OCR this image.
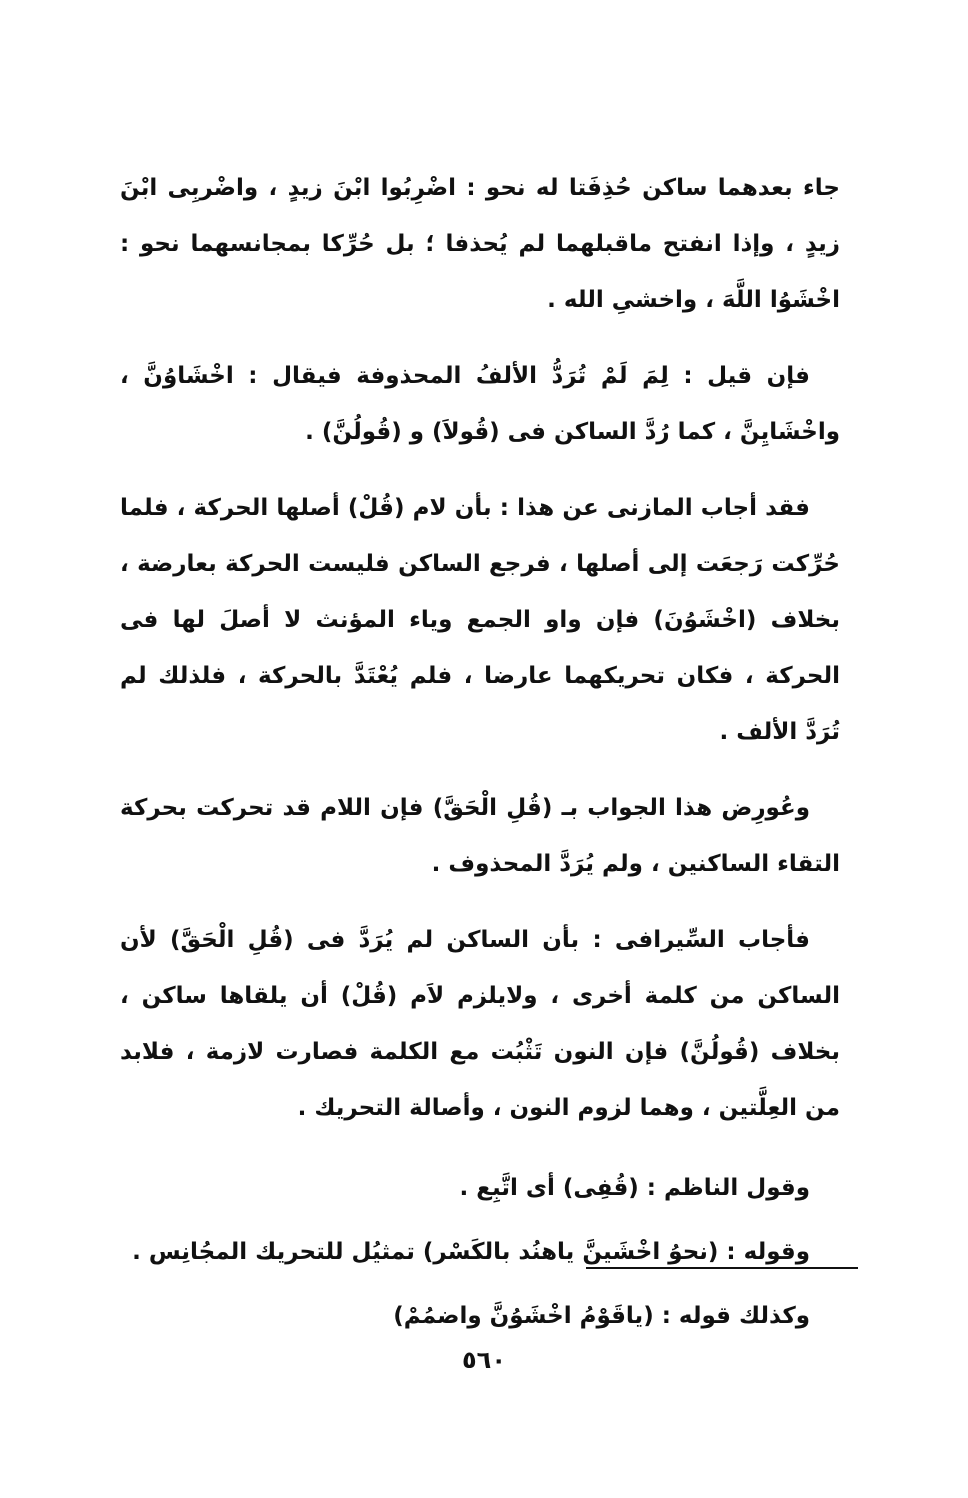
جاء بعدهما ساكن حُذِفَتا له نحو : اضْرِبُوا ابْنَ زيدٍ ، واضْربِى ابْنَ زيدٍ ، وإذا انفتح ماقبلهما لم يُحذفا ؛ بل حُرِّكا بمجانسهما نحو : اخْشَوُا اللَّهَ ، واخشىِ الله .

فإن قيل : لِمَ لَمْ تُرَدُّ الألفُ المحذوفة فيقال : اخْشَاوُنَّ ، واخْشَايِنَّ ، كما رُدَّ الساكن فى (قُولاَ) و (قُولُنَّ) .

فقد أجاب المازنى عن هذا : بأن لام (قُلْ) أصلها الحركة ، فلما حُرِّكت رَجعَت إلى أصلها ، فرجع الساكن فليست الحركة بعارضة ، بخلاف (اخْشَوُنَ) فإن واو الجمع وياء المؤنث لا أصلَ لها فى الحركة ، فكان تحريكهما عارضا ، فلم يُعْتَدَّ بالحركة ، فلذلك لم تُرَدَّ الألف .

وعُورِض هذا الجواب بـ (قُلِ الْحَقَّ) فإن اللام قد تحركت بحركة التقاء الساكنين ، ولم يُرَدَّ المحذوف .

فأجاب السِّيرافى : بأن الساكن لم يُرَدَّ فى (قُلِ الْحَقَّ) لأن الساكن من كلمة أخرى ، ولايلزم لاَم (قُلْ) أن يلقاها ساكن ، بخلاف (قُولُنَّ) فإن النون تَثْبُت مع الكلمة فصارت لازمة ، فلابد من العِلَّتين ، وهما لزوم النون ، وأصالة التحريك .

وقول الناظم : (قُفِى) أى اتَّبِع .

وقوله : (نحوُ اخْشَينَّ ياهنُد بالكَسْر) تمثيُل للتحريك المجُانِس .

وكذلك قوله : (ياقَوْمُ اخْشَوُنَّ واضمُمْ)

٥٦٠
